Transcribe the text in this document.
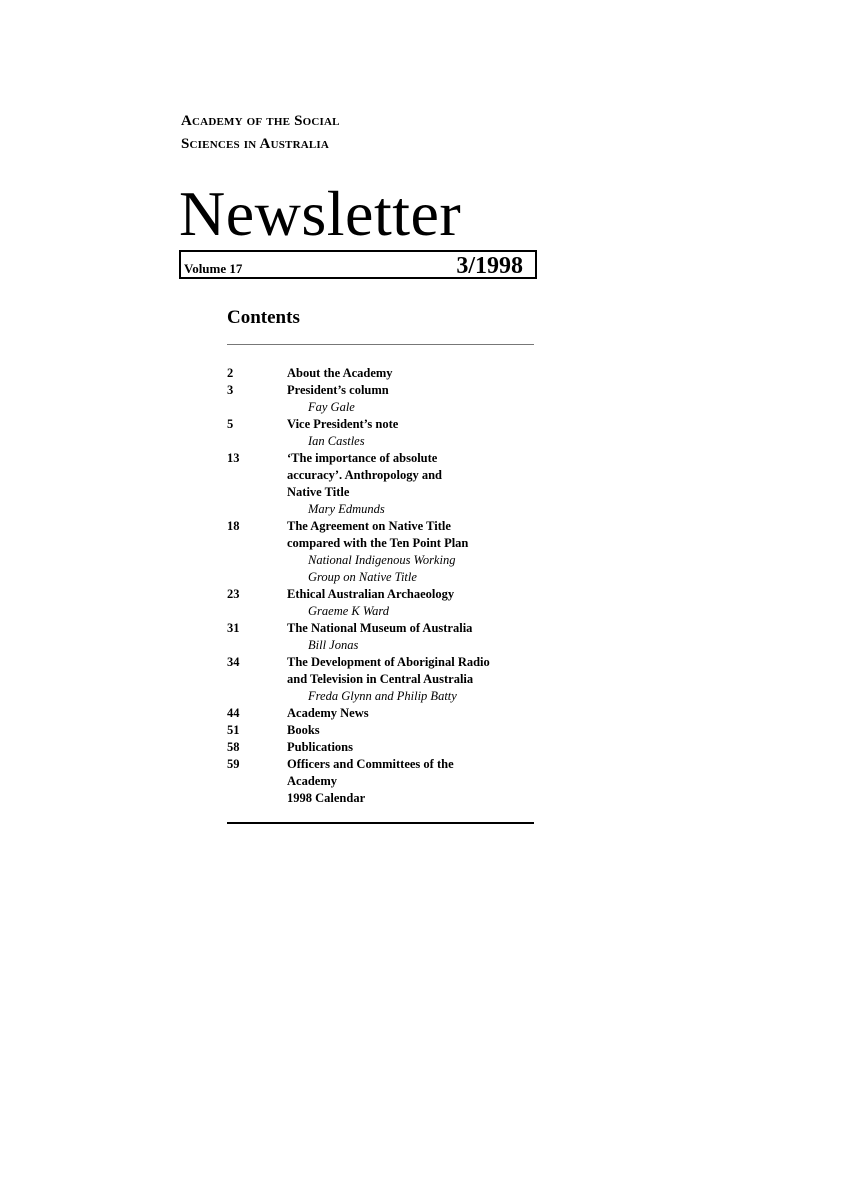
Academy of the Social
Sciences in Australia
Newsletter
Volume 17	3/1998
Contents
2	About the Academy
3	President’s column
Fay Gale
5	Vice President’s note
Ian Castles
13	‘The importance of absolute
accuracy’. Anthropology and
Native Title
Mary Edmunds
18	The Agreement on Native Title
compared with the Ten Point Plan
National Indigenous Working
Group on Native Title
23	Ethical Australian Archaeology
Graeme K Ward
31	The National Museum of Australia
Bill Jonas
34	The Development of Aboriginal Radio
and Television in Central Australia
Freda Glynn and Philip Batty
44	Academy News
51	Books
58	Publications
59	Officers and Committees of the
Academy
1998 Calendar
